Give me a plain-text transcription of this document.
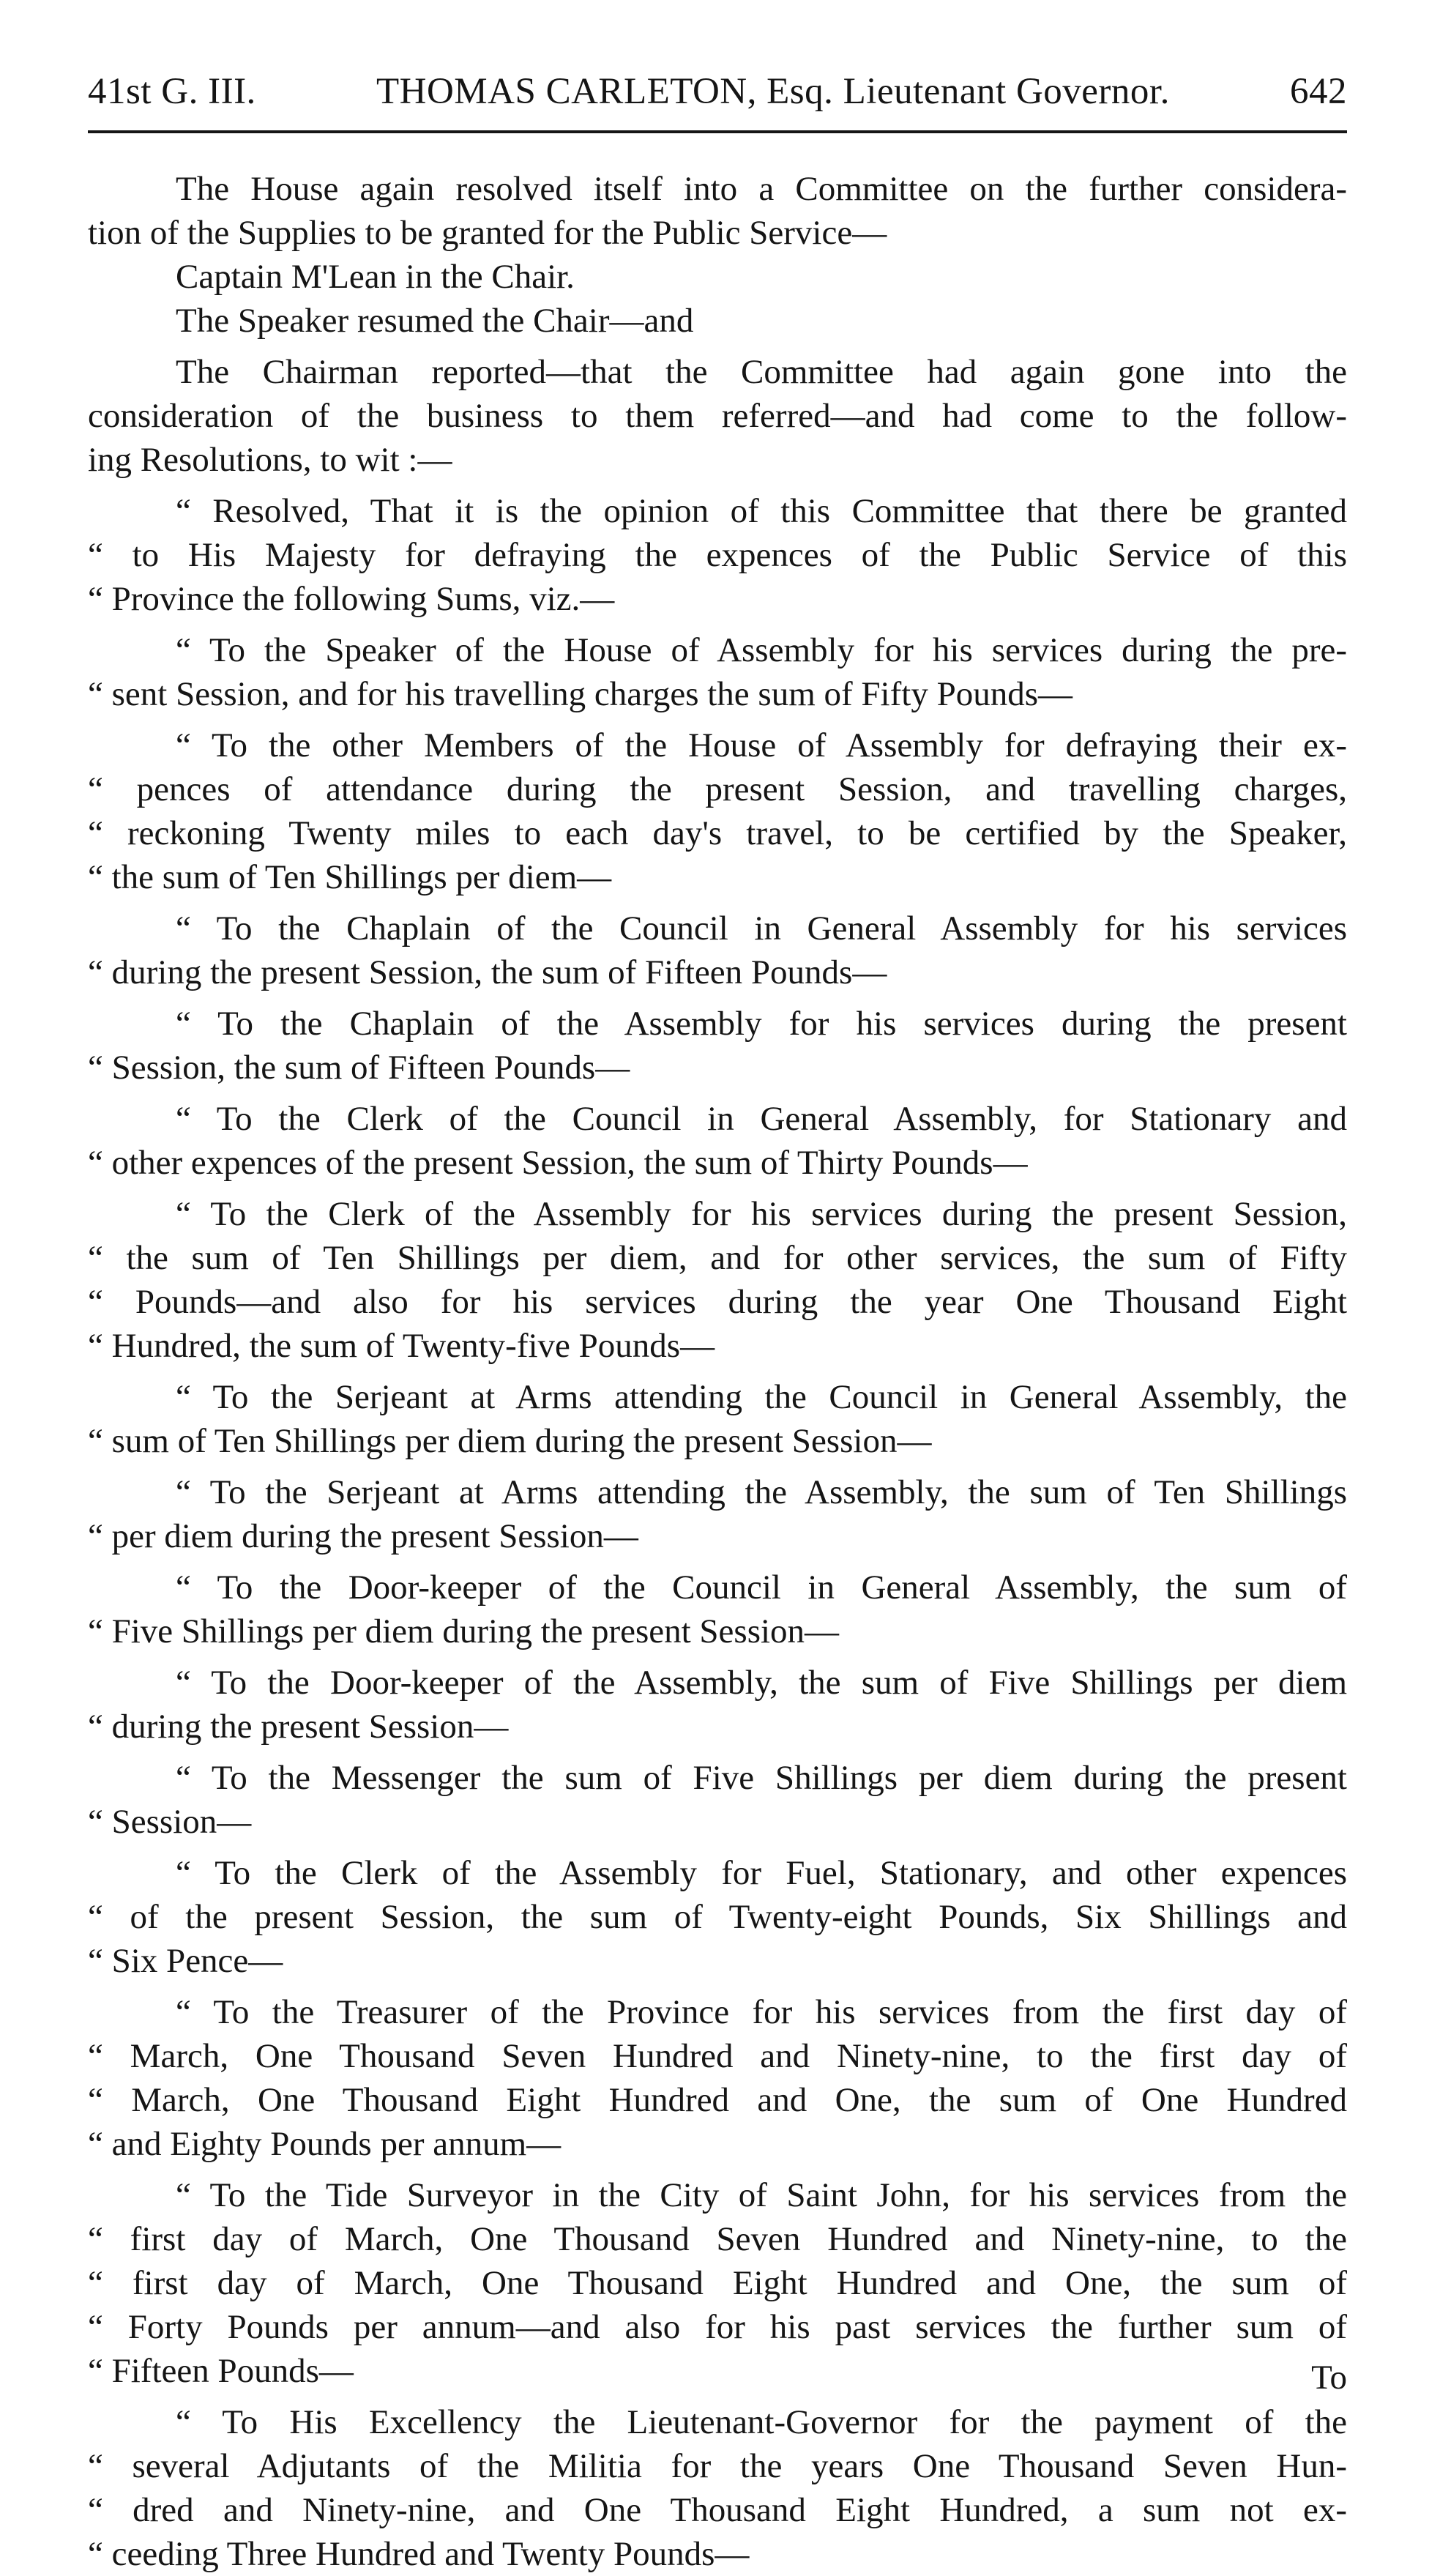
41st G. III.	THOMAS CARLETON, Esq. Lieutenant Governor.	642
The House again resolved itself into a Committee on the further considera-
tion of the Supplies to be granted for the Public Service—
Captain M'Lean in the Chair.
The Speaker resumed the Chair—and
The Chairman reported—that the Committee had again gone into the
consideration of the business to them referred—and had come to the follow-
ing Resolutions, to wit :—
“ Resolved, That it is the opinion of this Committee that there be granted
“ to His Majesty for defraying the expences of the Public Service of this
“ Province the following Sums, viz.—
“ To the Speaker of the House of Assembly for his services during the pre-
“ sent Session, and for his travelling charges the sum of Fifty Pounds—
“ To the other Members of the House of Assembly for defraying their ex-
“ pences of attendance during the present Session, and travelling charges,
“ reckoning Twenty miles to each day's travel, to be certified by the Speaker,
“ the sum of Ten Shillings per diem—
“ To the Chaplain of the Council in General Assembly for his services
“ during the present Session, the sum of Fifteen Pounds—
“ To the Chaplain of the Assembly for his services during the present
“ Session, the sum of Fifteen Pounds—
“ To the Clerk of the Council in General Assembly, for Stationary and
“ other expences of the present Session, the sum of Thirty Pounds—
“ To the Clerk of the Assembly for his services during the present Session,
“ the sum of Ten Shillings per diem, and for other services, the sum of Fifty
“ Pounds—and also for his services during the year One Thousand Eight
“ Hundred, the sum of Twenty-five Pounds—
“ To the Serjeant at Arms attending the Council in General Assembly, the
“ sum of Ten Shillings per diem during the present Session—
“ To the Serjeant at Arms attending the Assembly, the sum of Ten Shillings
“ per diem during the present Session—
“ To the Door-keeper of the Council in General Assembly, the sum of
“ Five Shillings per diem during the present Session—
“ To the Door-keeper of the Assembly, the sum of Five Shillings per diem
“ during the present Session—
“ To the Messenger the sum of Five Shillings per diem during the present
“ Session—
“ To the Clerk of the Assembly for Fuel, Stationary, and other expences
“ of the present Session, the sum of Twenty-eight Pounds, Six Shillings and
“ Six Pence—
“ To the Treasurer of the Province for his services from the first day of
“ March, One Thousand Seven Hundred and Ninety-nine, to the first day of
“ March, One Thousand Eight Hundred and One, the sum of One Hundred
“ and Eighty Pounds per annum—
“ To the Tide Surveyor in the City of Saint John, for his services from the
“ first day of March, One Thousand Seven Hundred and Ninety-nine, to the
“ first day of March, One Thousand Eight Hundred and One, the sum of
“ Forty Pounds per annum—and also for his past services the further sum of
“ Fifteen Pounds—
“ To His Excellency the Lieutenant-Governor for the payment of the
“ several Adjutants of the Militia for the years One Thousand Seven Hun-
“ dred and Ninety-nine, and One Thousand Eight Hundred, a sum not ex-
“ ceeding Three Hundred and Twenty Pounds—
To
